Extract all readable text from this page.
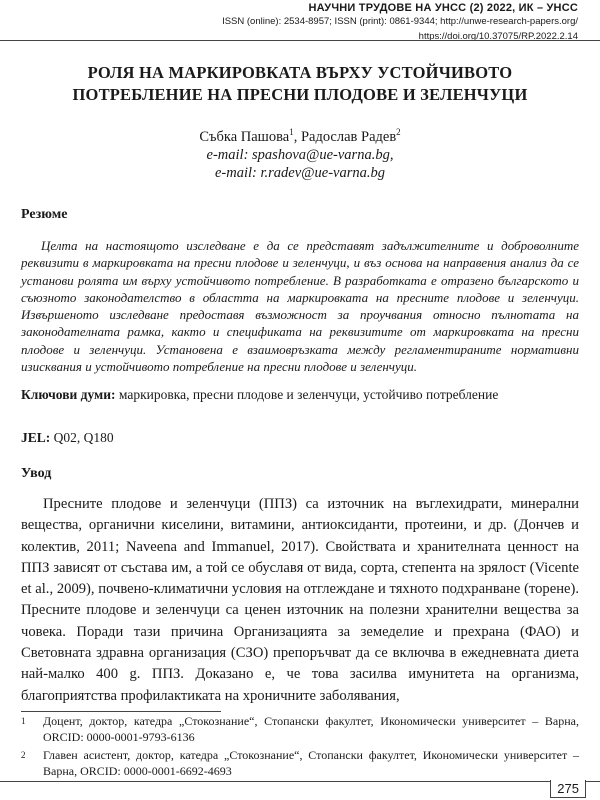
НАУЧНИ ТРУДОВЕ НА УНСС (2) 2022, ИК – УНСС
ISSN (online): 2534-8957; ISSN (print): 0861-9344; http://unwe-research-papers.org/
https://doi.org/10.37075/RP.2022.2.14
РОЛЯ НА МАРКИРОВКАТА ВЪРХУ УСТОЙЧИВОТО
ПОТРЕБЛЕНИЕ НА ПРЕСНИ ПЛОДОВЕ И ЗЕЛЕНЧУЦИ
Събка Пашова$^1$, Радослав Радев$^2$
e-mail: spashova@ue-varna.bg,
e-mail: r.radev@ue-varna.bg
Резюме
Целта на настоящото изследване е да се представят задължителните и доброволните реквизити в маркировката на пресни плодове и зеленчуци, и въз основа на направения анализ да се установи ролята им върху устойчивото потребление. В разработката е отразено българското и съюзното законодателство в областта на маркировката на пресните плодове и зеленчуци. Извършеното изследване предоставя възможност за проучвания относно пълнотата на законодателната рамка, както и спецификата на реквизитите от маркировката на пресни плодове и зеленчуци. Установена е взаимовръзката между регламентираните нормативни изисквания и устойчивото потребление на пресни плодове и зеленчуци.
Ключови думи: маркировка, пресни плодове и зеленчуци, устойчиво потребление
JEL: Q02, Q180
Увод
Пресните плодове и зеленчуци (ППЗ) са източник на въглехидрати, минерални вещества, органични киселини, витамини, антиоксиданти, протеини, и др. (Дончев и колектив, 2011; Naveena and Immanuel, 2017). Свойствата и хранителната ценност на ППЗ зависят от състава им, а той се обуславя от вида, сорта, степента на зрялост (Vicente et al., 2009), почвено-климатични условия на отглеждане и тяхното подхранване (торене). Пресните плодове и зеленчуци са ценен източник на полезни хранителни вещества за човека. Поради тази причина Организацията за земеделие и прехрана (ФАО) и Световната здравна организация (СЗО) препоръчват да се включва в ежедневната диета най-малко 400 g. ППЗ. Доказано е, че това засилва имунитета на организма, благоприятства профилактиката на хроничните заболявания,
1	Доцент, доктор, катедра „Стокознание“, Стопански факултет, Икономически университет – Варна, ORCID: 0000-0001-9793-6136
2	Главен асистент, доктор, катедра „Стокознание“, Стопански факултет, Икономически университет – Варна, ORCID: 0000-0001-6692-4693
275
